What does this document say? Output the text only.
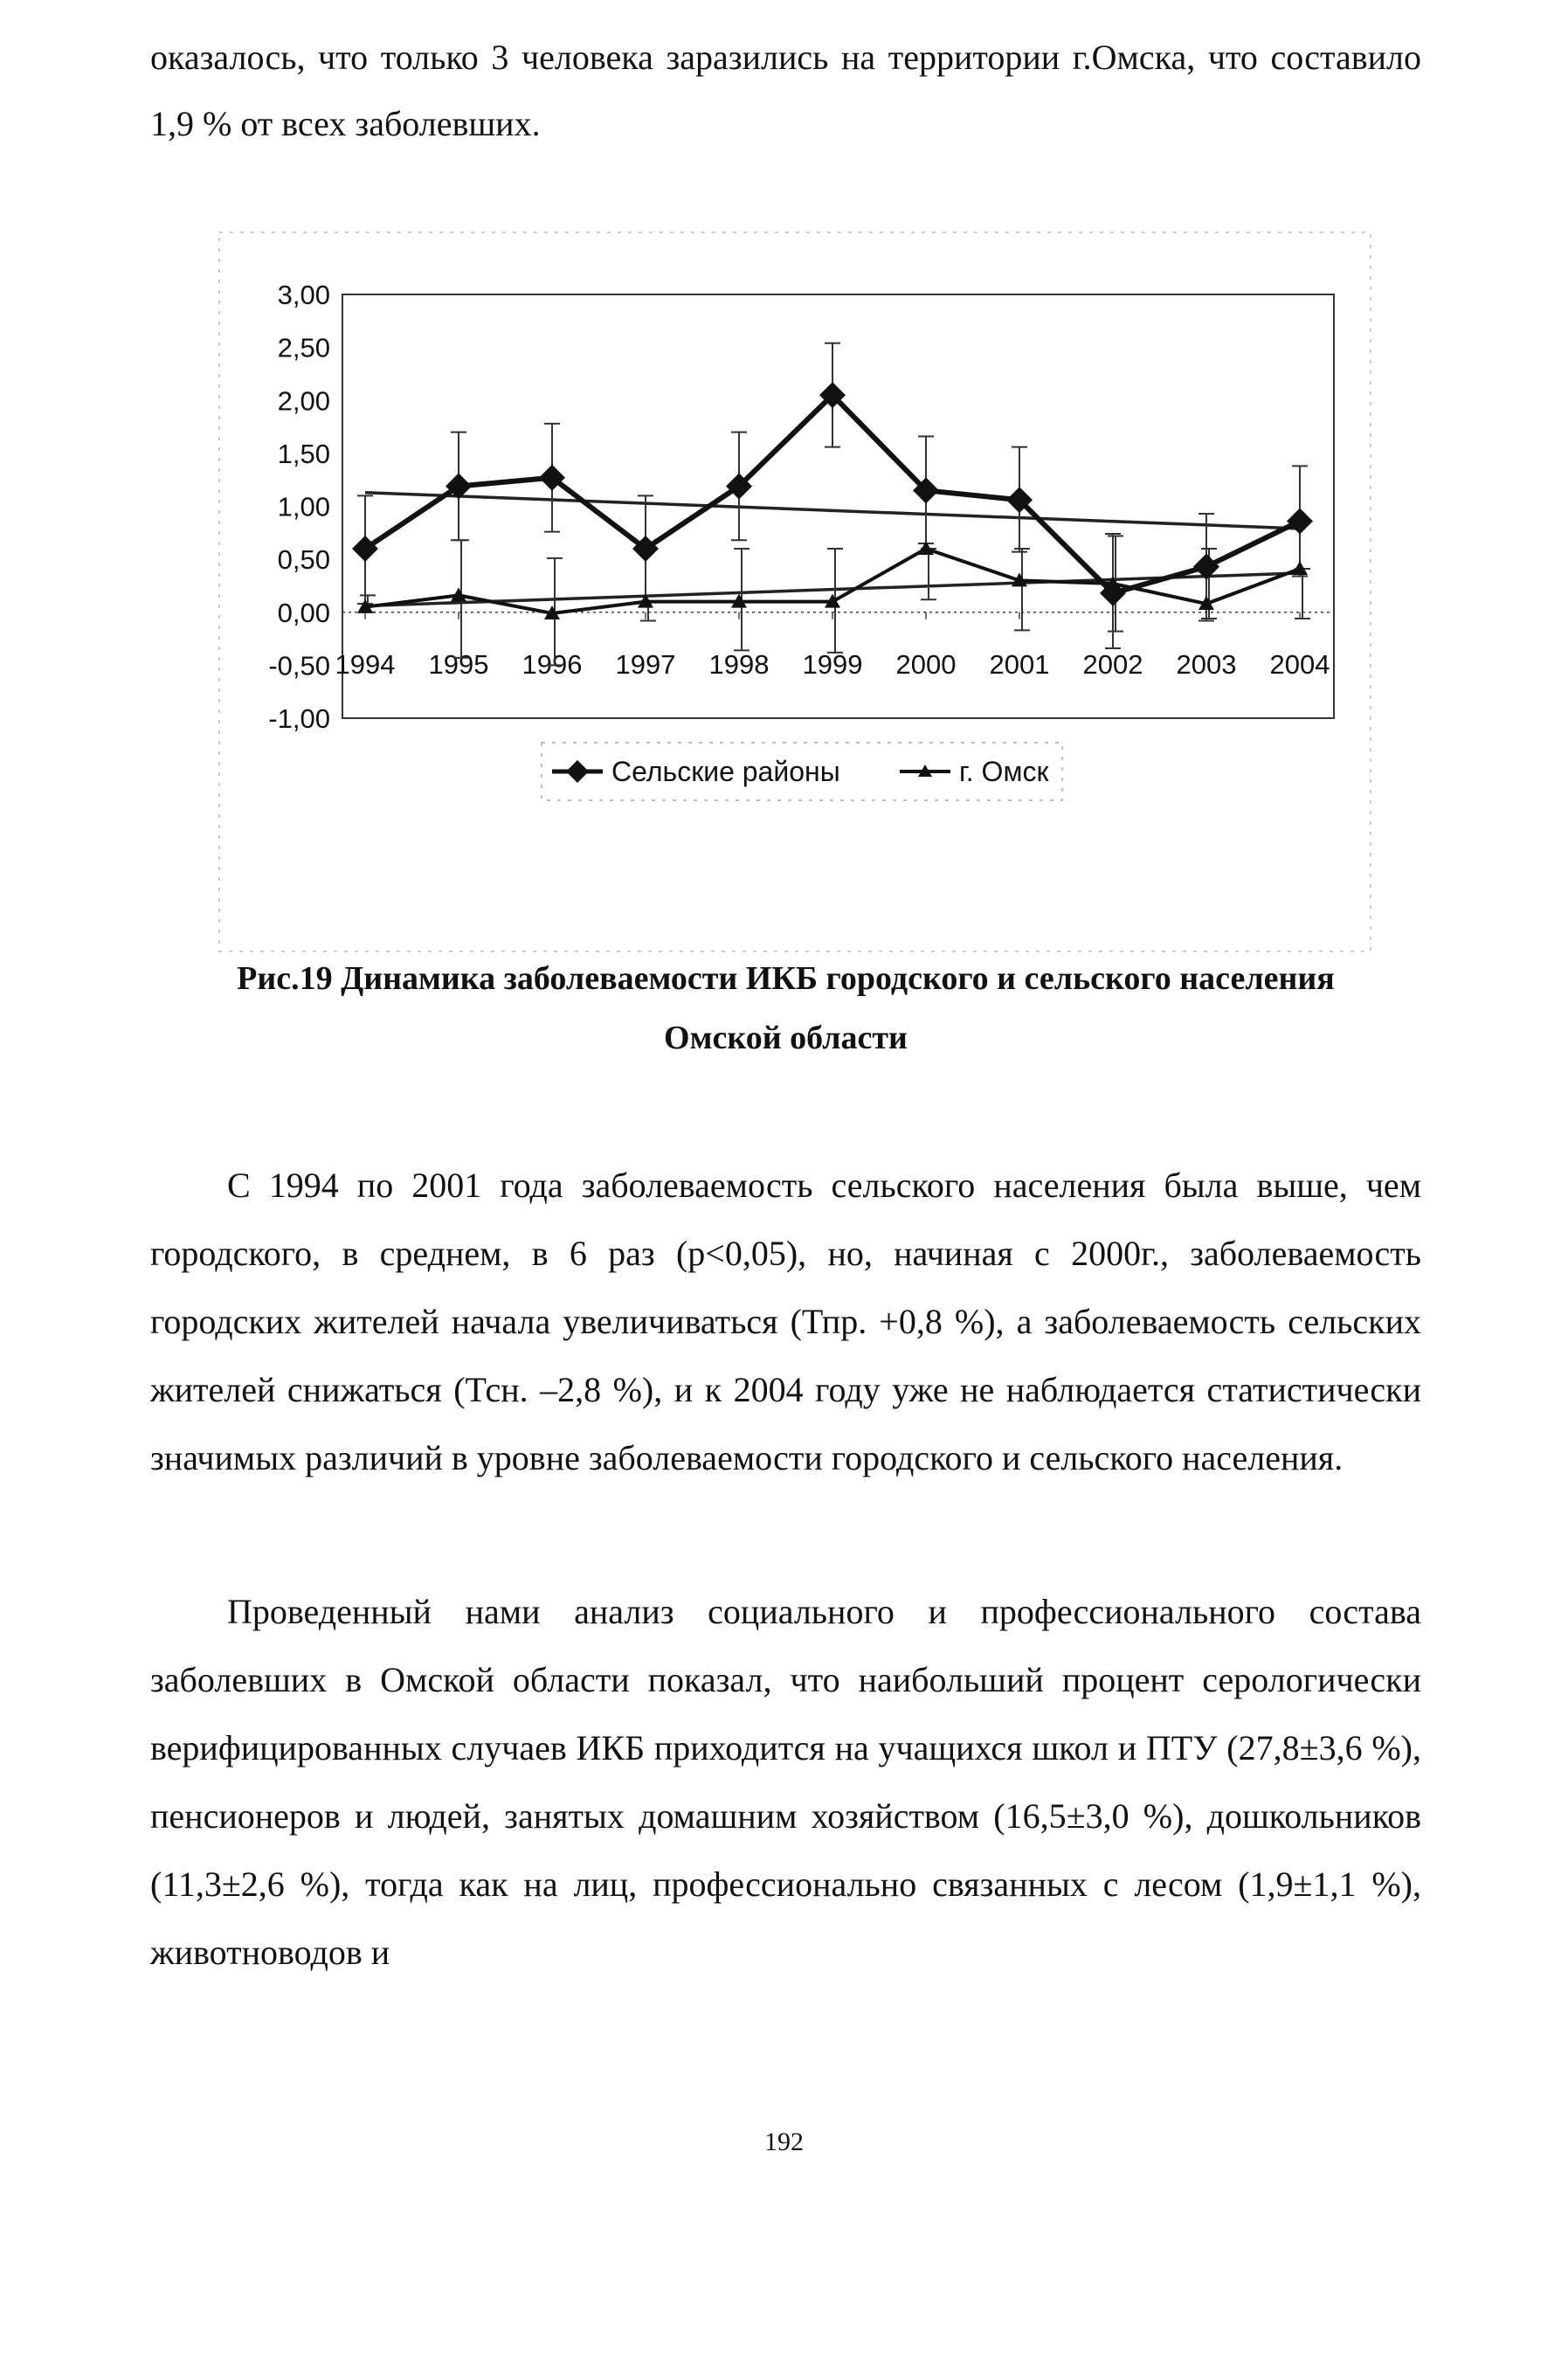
оказалось, что только 3 человека заразились на территории г.Омска, что составило 1,9 % от всех заболевших.

3,00
2,50
2,00
1,50
1,00
0,50
0,00
-0,50
-1,00
1994 1995 1996 1997 1998 1999 2000 2001 2002 2003 2004
Сельские районы	г. Омск

Рис.19 Динамика заболеваемости ИКБ городского и сельского населения
Омской области

С 1994 по 2001 года заболеваемость сельского населения была выше, чем городского, в среднем, в 6 раз (p<0,05), но, начиная с 2000г., заболеваемость городских жителей начала увеличиваться (Тпр. +0,8 %), а заболеваемость сельских жителей снижаться (Тсн. –2,8 %), и к 2004 году уже не наблюдается статистически значимых различий в уровне заболеваемости городского и сельского населения.

Проведенный нами анализ социального и профессионального состава заболевших в Омской области показал, что наибольший процент серологически верифицированных случаев ИКБ приходится на учащихся школ и ПТУ (27,8±3,6 %), пенсионеров и людей, занятых домашним хозяйством (16,5±3,0 %), дошкольников (11,3±2,6 %), тогда как на лиц, профессионально связанных с лесом (1,9±1,1 %), животноводов и

192
